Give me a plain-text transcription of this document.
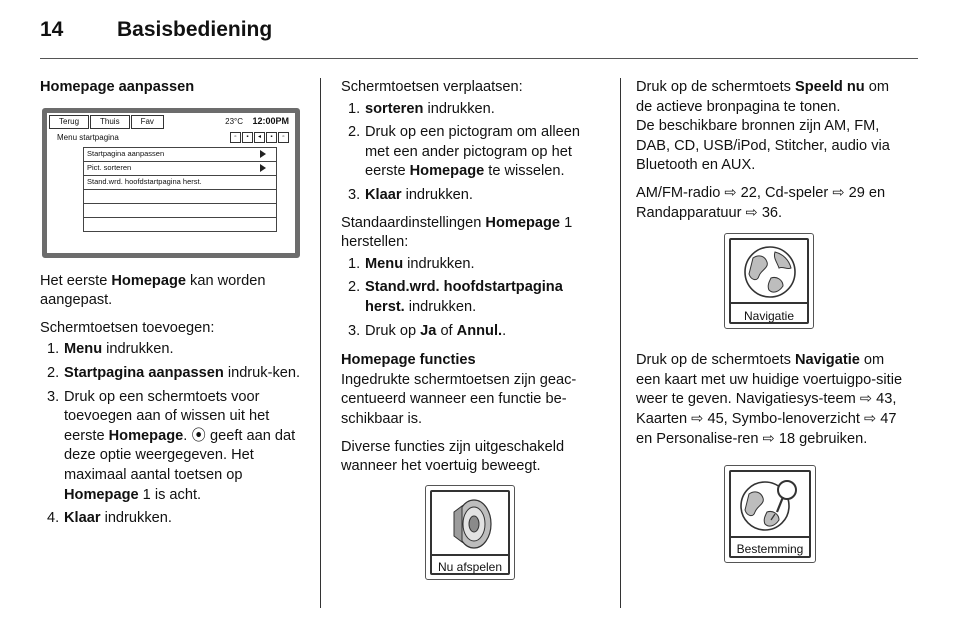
14	Basisbediening
Homepage aanpassen
Terug	Thuis	Fav	23°C 12:00PM
Menu startpagina	▫	▪	◂	▪	▫
Startpagina aanpassen
Pict. sorteren
Stand.wrd. hoofdstartpagina herst.

Het eerste Homepage kan worden aangepast.

Schermtoetsen toevoegen:

1. Menu indrukken.
2. Startpagina aanpassen indruk-ken.
3. Druk op een schermtoets voor toevoegen aan of wissen uit het eerste Homepage. ⦿ geeft aan dat deze optie weergegeven. Het maximaal aantal toetsen op Homepage 1 is acht.
4. Klaar indrukken.

Schermtoetsen verplaatsen:

1. sorteren indrukken.
2. Druk op een pictogram om alleen met een ander pictogram op het eerste Homepage te wisselen.
3. Klaar indrukken.

Standaardinstellingen Homepage 1 herstellen:

1. Menu indrukken.
2. Stand.wrd. hoofdstartpagina herst. indrukken.
3. Druk op Ja of Annul..
Homepage functies

Ingedrukte schermtoetsen zijn geac-centueerd wanneer een functie be-schikbaar is.

Diverse functies zijn uitgeschakeld wanneer het voertuig beweegt.

Nu afspelen

Druk op de schermtoets Speeld nu om de actieve bronpagina te tonen.

De beschikbare bronnen zijn AM, FM, DAB, CD, USB/iPod, Stitcher, audio via Bluetooth en AUX.

AM/FM-radio ⇨ 22, Cd-speler ⇨ 29 en Randapparatuur ⇨ 36.

Navigatie

Druk op de schermtoets Navigatie om een kaart met uw huidige voertuigpo-sitie weer te geven. Navigatiesys-teem ⇨ 43, Kaarten ⇨ 45, Symbo-lenoverzicht ⇨ 47 en Personalise-ren ⇨ 18 gebruiken.

Bestemming
